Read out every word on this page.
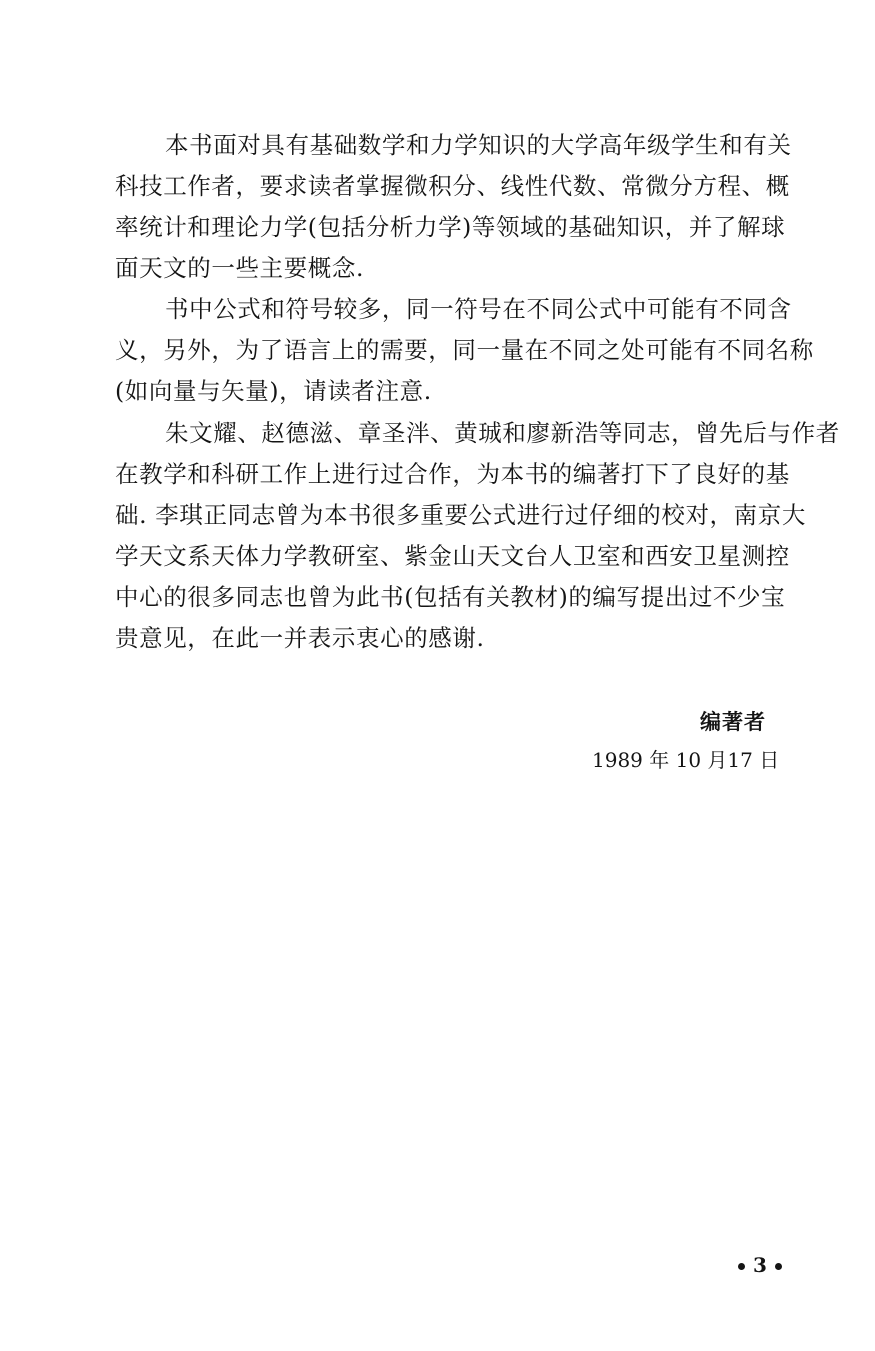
本书面对具有基础数学和力学知识的大学高年级学生和有关
科技工作者，要求读者掌握微积分、线性代数、常微分方程、概
率统计和理论力学(包括分析力学)等领域的基础知识，并了解球
面天文的一些主要概念.
书中公式和符号较多，同一符号在不同公式中可能有不同含
义，另外，为了语言上的需要，同一量在不同之处可能有不同名称
(如向量与矢量)，请读者注意.
朱文耀、赵德滋、章圣泮、黄珹和廖新浩等同志，曾先后与作者
在教学和科研工作上进行过合作，为本书的编著打下了良好的基
础. 李琪正同志曾为本书很多重要公式进行过仔细的校对，南京大
学天文系天体力学教研室、紫金山天文台人卫室和西安卫星测控
中心的很多同志也曾为此书(包括有关教材)的编写提出过不少宝
贵意见，在此一并表示衷心的感谢.
编著者
1989 年 10 月17 日
3
